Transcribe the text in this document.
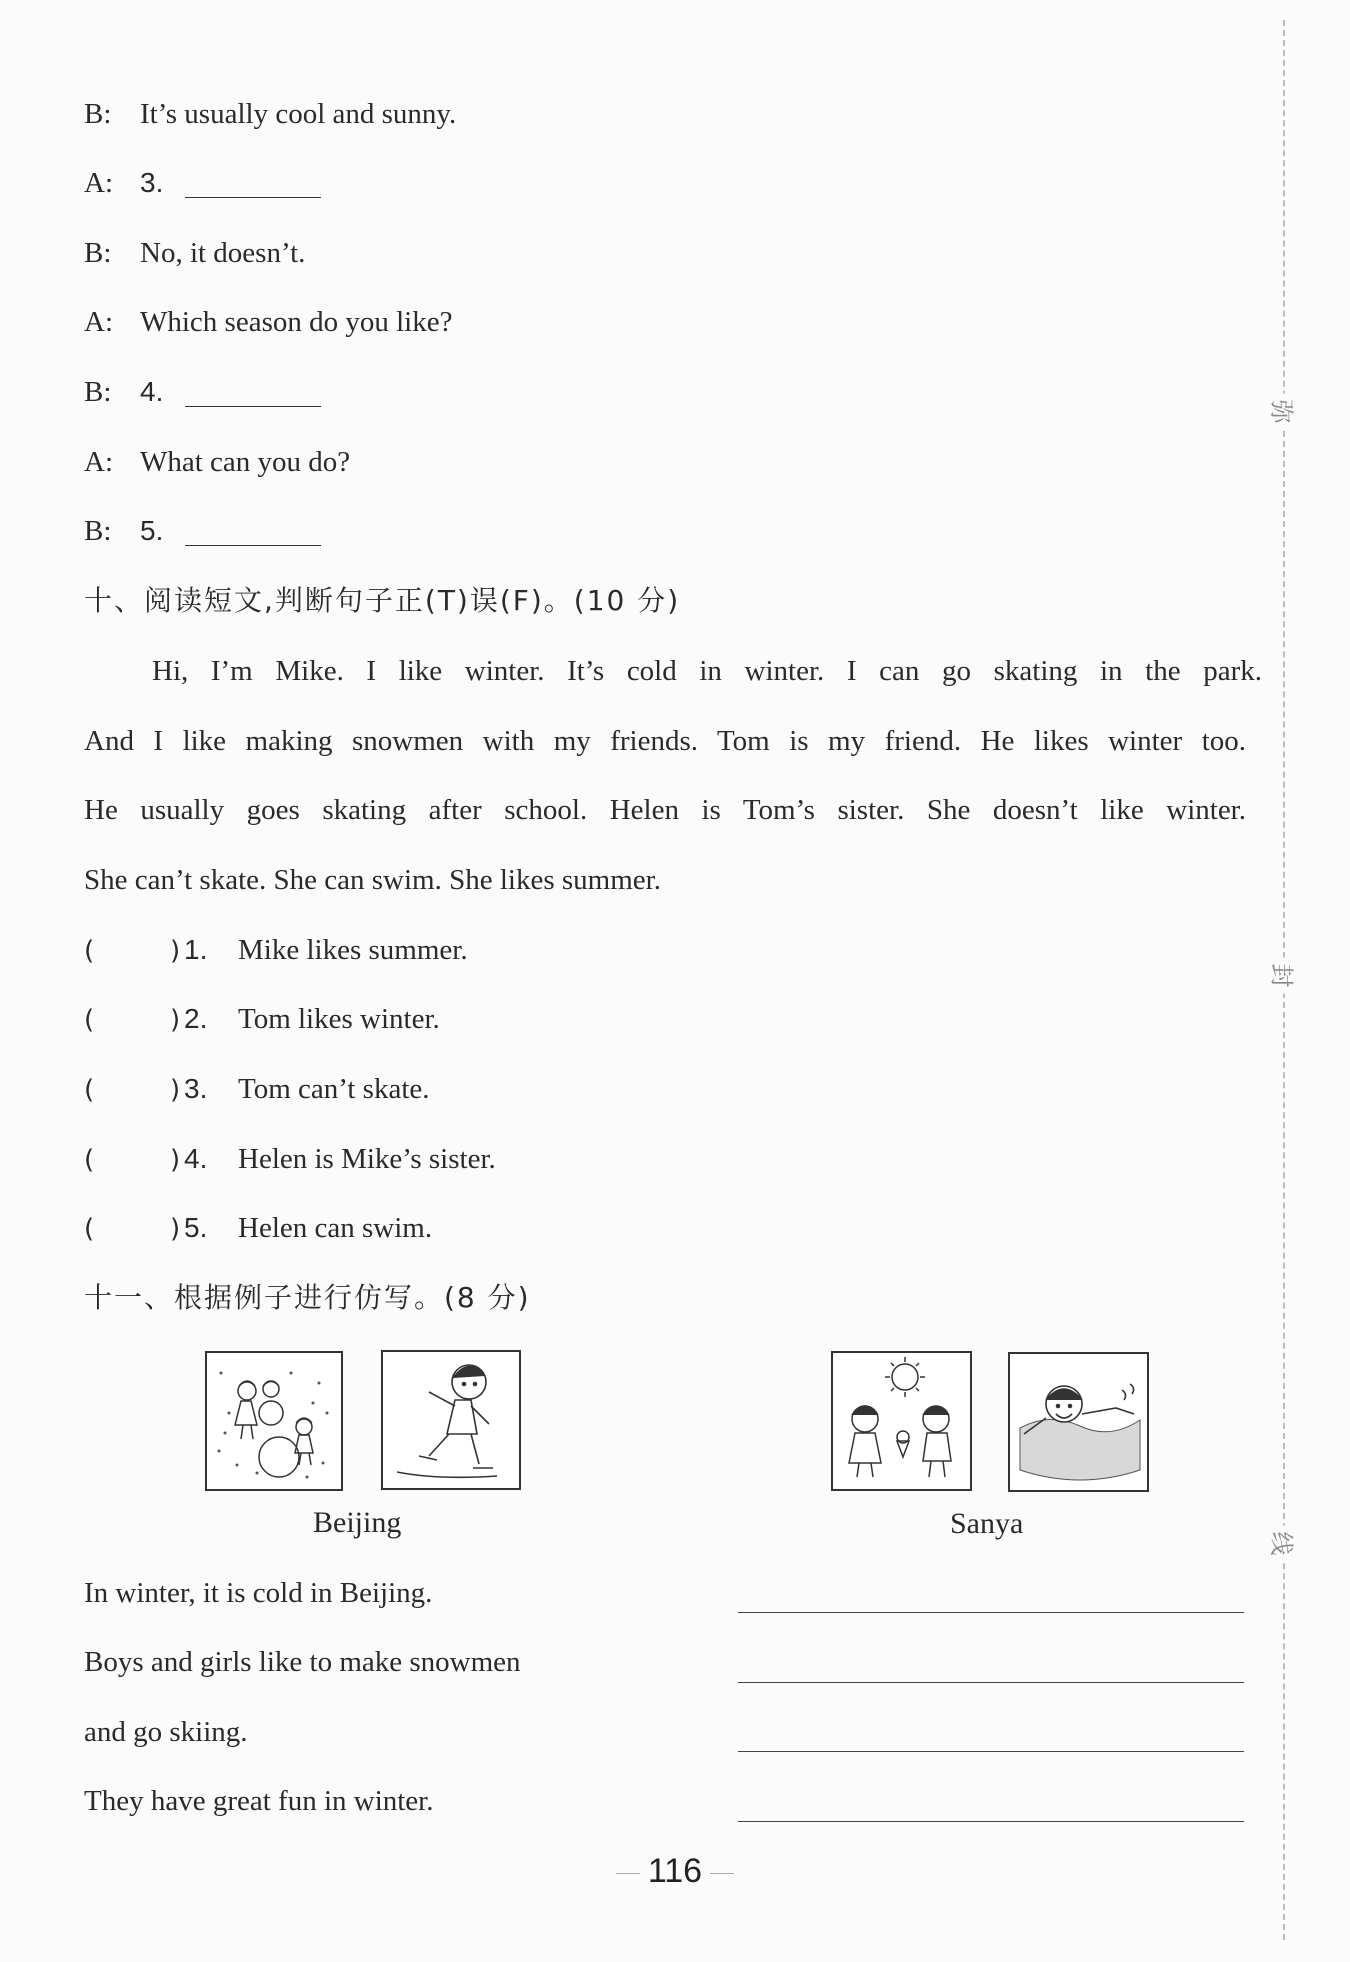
弥
封
线
B: It’s usually cool and sunny.
A: 3.
B: No, it doesn’t.
A: Which season do you like?
B: 4.
A: What can you do?
B: 5.
十、阅读短文,判断句子正(T)误(F)。(10 分)
Hi, I’m Mike. I like winter. It’s cold in winter. I can go skating in the park.
And I like making snowmen with my friends. Tom is my friend. He likes winter too.
He usually goes skating after school. Helen is Tom’s sister. She doesn’t like winter.
She can’t skate. She can swim. She likes summer.
(	) 1. Mike likes summer.
(	) 2. Tom likes winter.
(	) 3. Tom can’t skate.
(	) 4. Helen is Mike’s sister.
(	) 5. Helen can swim.
十一、根据例子进行仿写。(8 分)
Beijing	Sanya
In winter, it is cold in Beijing.
Boys and girls like to make snowmen
and go skiing.
They have great fun in winter.
116
